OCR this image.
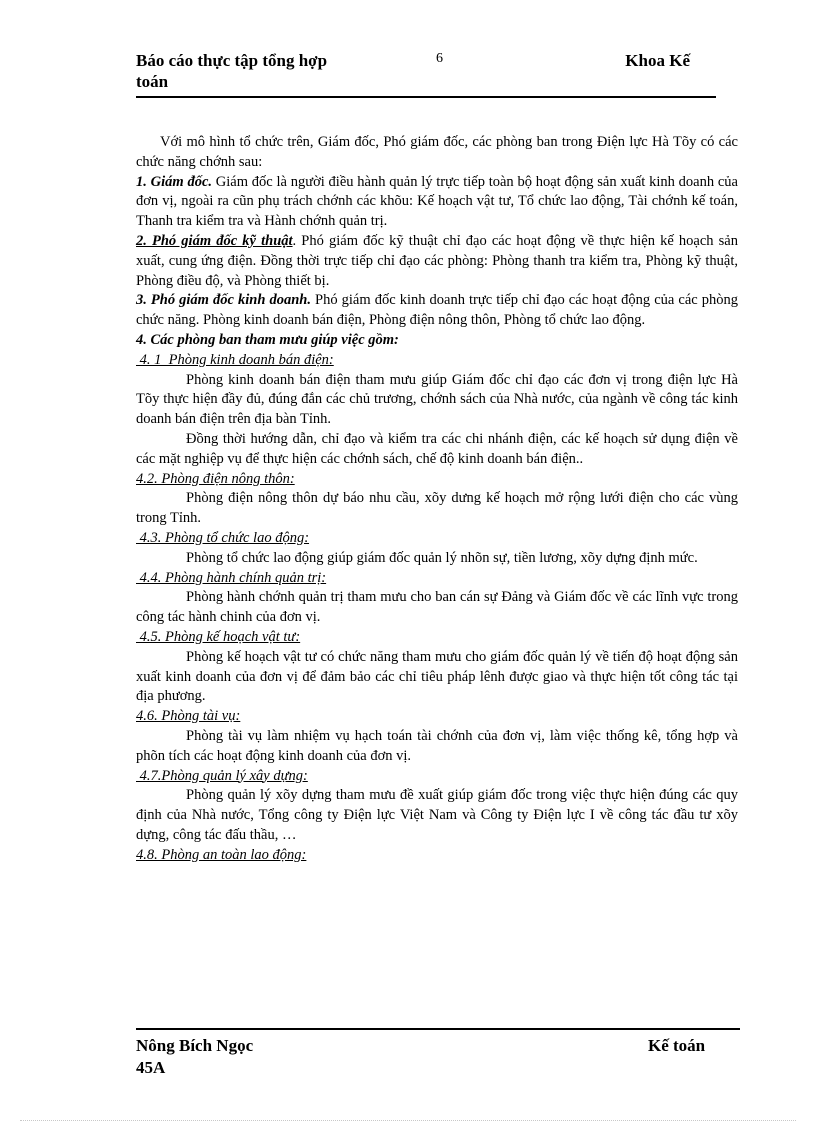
Báo cáo thực tập tổng hợp
toán
6	Khoa Kế

Với mô hình tổ chức trên, Giám đốc, Phó giám đốc, các phòng ban trong Điện lực Hà Tõy có các chức năng chớnh sau:

1. Giám đốc. Giám đốc là người điều hành quản lý trực tiếp toàn bộ hoạt động sản xuất kinh doanh của đơn vị, ngoài ra cũn phụ trách chớnh các khõu: Kế hoạch vật tư, Tổ chức lao động, Tài chớnh kế toán, Thanh tra kiểm tra và Hành chớnh quản trị.

2. Phó giám đốc kỹ thuật. Phó giám đốc kỹ thuật chỉ đạo các hoạt động về thực hiện kế hoạch sản xuất, cung ứng điện. Đồng thời trực tiếp chỉ đạo các phòng: Phòng thanh tra kiểm tra, Phòng kỹ thuật, Phòng điều độ, và Phòng thiết bị.

3. Phó giám đốc kinh doanh. Phó giám đốc kinh doanh trực tiếp chỉ đạo các hoạt động của các phòng chức năng. Phòng kinh doanh bán điện, Phòng điện nông thôn, Phòng tổ chức lao động.

4. Các phòng ban tham mưu giúp việc gồm:

4. 1  Phòng kinh doanh bán điện:

Phòng kinh doanh bán điện tham mưu giúp Giám đốc chỉ đạo các đơn vị trong điện lực Hà Tõy thực hiện đầy đủ, đúng đắn các chủ trương, chớnh sách của Nhà nước, của ngành về công tác kinh doanh bán điện trên địa bàn Tỉnh.

Đồng thời hướng dẫn, chỉ đạo và kiểm tra các chi nhánh điện, các kế hoạch sử dụng điện về các mặt nghiệp vụ để thực hiện các chớnh sách, chế độ kinh doanh bán điện..

4.2. Phòng điện nông thôn:

Phòng điện nông thôn dự báo nhu cầu, xõy dưng kế hoạch mở rộng lưới điện cho các vùng trong Tỉnh.

4.3. Phòng tổ chức lao động:

Phòng tổ chức lao động giúp giám đốc quản lý nhõn sự, tiền lương, xõy dựng định mức.

4.4. Phòng hành chính quản trị:

Phòng hành chớnh quản trị tham mưu cho ban cán sự Đảng và Giám đốc về các lĩnh vực trong công tác hành chinh của đơn vị.

4.5. Phòng kế hoạch vật tư:

Phòng kế hoạch vật tư có chức năng tham mưu cho giám đốc quản lý về tiến độ hoạt động sản xuất kinh doanh của đơn vị để đảm bảo các chỉ tiêu pháp lênh được giao và thực hiện tốt công tác tại địa phương.

4.6. Phòng tài vụ:

Phòng tài vụ làm nhiệm vụ hạch toán tài chớnh của đơn vị, làm việc thống kê, tổng hợp và phõn tích các hoạt động kinh doanh của đơn vị.

4.7.Phòng quản lý xây dựng:

Phòng quản lý xõy dựng tham mưu đề xuất giúp giám đốc trong việc thực hiện đúng các quy định của Nhà nước, Tổng công ty Điện lực Việt Nam và Công ty Điện lực I về công tác đầu tư xõy dựng, công tác đấu thầu, …

4.8. Phòng an toàn lao động:

Nông Bích Ngọc
45A
Kế toán
